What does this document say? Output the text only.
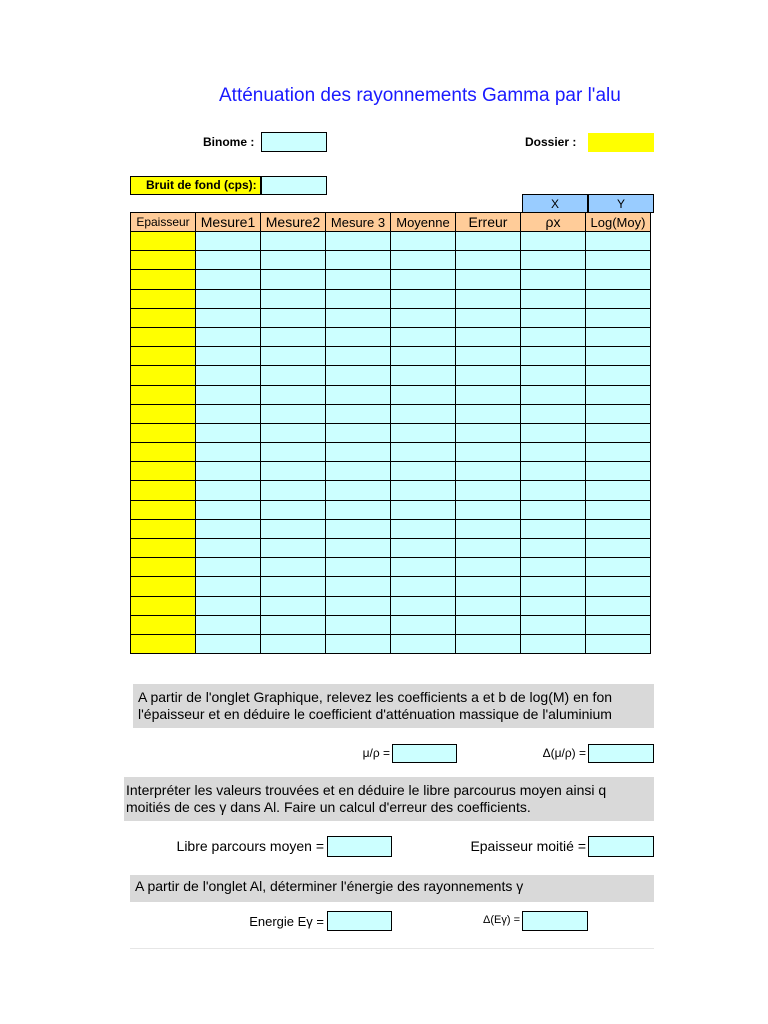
Atténuation des rayonnements Gamma par l'alu
Binome :	Dossier :
Bruit de fond (cps):
X	Y
Epaisseur	Mesure1	Mesure2	Mesure 3	Moyenne	Erreur	ρx	Log(Moy)

A partir de l'onglet Graphique, relevez les coefficients a et b de log(M) en fon
l'épaisseur et en déduire le coefficient d'atténuation massique de l'aluminium
μ/ρ =	Δ(μ/ρ) =
Interpréter les valeurs trouvées et en déduire le libre parcourus moyen ainsi q
moitiés de ces γ dans Al. Faire un calcul d'erreur des coefficients.
Libre parcours moyen =	Epaisseur moitié =
A partir de l'onglet Al, déterminer l'énergie des rayonnements γ
Energie Eγ =	Δ(Eγ) =
